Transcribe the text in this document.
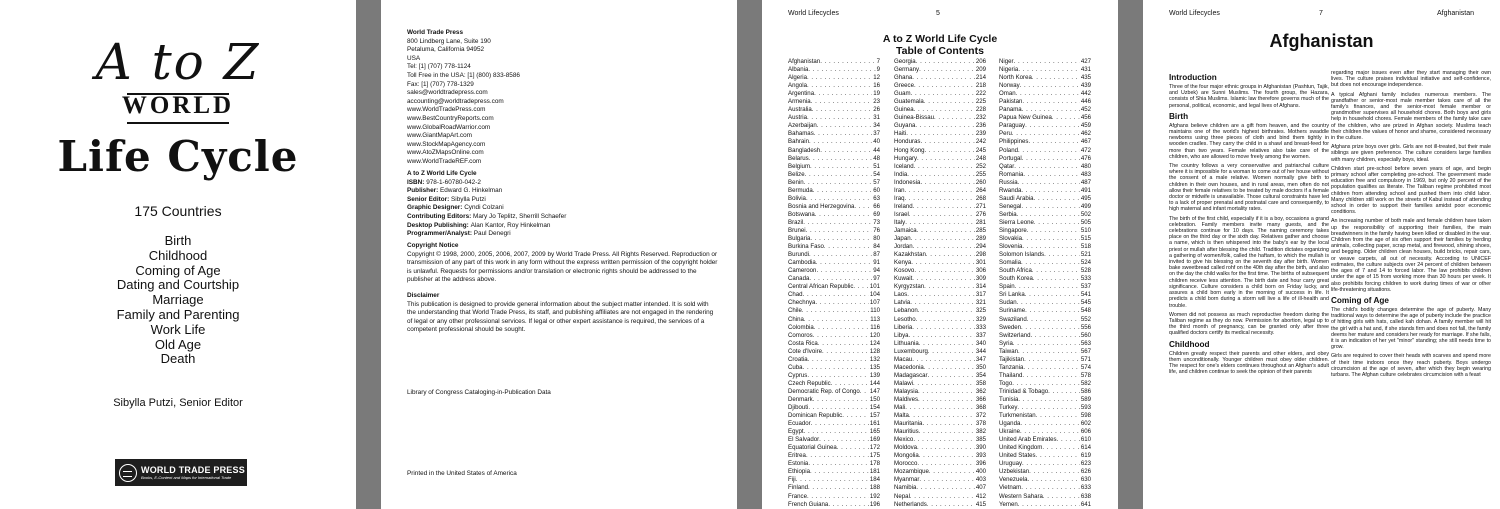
A to Z
WORLD
Life Cycle
175 Countries
Birth
Childhood
Coming of Age
Dating and Courtship
Marriage
Family and Parenting
Work Life
Old Age
Death
Sibylla Putzi, Senior Editor
WORLD TRADE PRESS
Books, E-Content and Maps for International Trade
World Trade Press
800 Lindberg Lane, Suite 190
Petaluma, California 94952
USA
Tel: [1] (707) 778-1124
Toll Free in the USA: [1] (800) 833-8586
Fax: [1] (707) 778-1329
sales@worldtradepress.com
accounting@worldtradepress.com
www.WorldTradePress.com
www.BestCountryReports.com
www.GlobalRoadWarrior.com
www.GiantMapArt.com
www.StockMapAgency.com
www.AtoZMapsOnline.com
www.WorldTradeREF.com
A to Z World Life Cycle
ISBN: 978-1-60780-042-2
Publisher: Edward G. Hinkelman
Senior Editor: Sibylla Putzi
Graphic Designer: Cyndi Colzani
Contributing Editors: Mary Jo Teplitz, Sherrill Schaefer
Desktop Publishing: Alan Kantor, Roy Hinkelman
Programmer/Analyst: Paul Denegri
Copyright Notice
Copyright © 1998, 2000, 2005, 2006, 2007, 2009 by World Trade Press. All Rights Reserved. Reproduction or transmission of any part of this work in any form without the express written permission of the copyright holder is unlawful. Requests for permissions and/or translation or electronic rights should be addressed to the publisher at the address above.
Disclaimer
This publication is designed to provide general information about the subject matter intended. It is sold with the understanding that World Trade Press, its staff, and publishing affiliates are not engaged in the rendering of legal or any other professional services. If legal or other expert assistance is required, the services of a competent professional should be sought.
Library of Congress Cataloging-in-Publication Data
Printed in the United States of America
World Lifecycles	5
A to Z World Life Cycle
Table of Contents
Afghanistan . . .	7
Albania . . .	9
Algeria . . .	12
Angola . . .	16
Argentina . . .	19
Armenia . . .	23
Australia . . .	26
Austria . . .	31
Azerbaijan . . .	34
Bahamas . . .	37
Bahrain . . .	40
Bangladesh . . .	44
Belarus . . .	48
Belgium . . .	51
Belize . . .	54
Benin . . .	57
Bermuda . . .	60
Bolivia . . .	63
Bosnia and Herzegovina . . .	66
Botswana . . .	69
Brazil . . .	73
Brunei . . .	76
Bulgaria . . .	80
Burkina Faso . . .	84
Burundi . . .	87
Cambodia . . .	91
Cameroon . . .	94
Canada . . .	97
Central African Republic . . .	101
Chad . . .	104
Chechnya . . .	107
Chile . . .	110
China . . .	113
Colombia . . .	116
Comoros . . .	120
Costa Rica . . .	124
Cote d'Ivoire . . .	128
Croatia . . .	132
Cuba . . .	135
Cyprus . . .	139
Czech Republic . . .	144
Democratic Rep. of Congo . . . 147
Denmark . . .	150
Djibouti . . .	154
Dominican Republic . . .	157
Ecuador . . .	161
Egypt . . .	165
El Salvador . . .	169
Equatorial Guinea . . .	172
Eritrea . . .	175
Estonia . . .	178
Ethiopia . . .	181
Fiji . . .	184
Finland . . .	188
France . . .	192
French Guiana . . .	196
. . .
Georgia . . .	206
Germany . . .	209
Ghana . . .	214
Greece . . .	218
Guam . . .	222
Guatemala . . .	225
Guinea . . .	228
Guinea-Bissau . . .	232
Guyana . . .	236
Haiti . . .	239
Honduras . . .	242
Hong Kong . . .	245
Hungary . . .	248
Iceland . . .	252
India . . .	255
Indonesia . . .	260
Iran . . .	264
Iraq . . .	268
Ireland . . .	271
Israel . . .	276
Italy . . .	281
Jamaica . . .	285
Japan . . .	289
Jordan . . .	294
Kazakhstan . . .	298
Kenya . . .	301
Kosovo . . .	306
Kuwait . . .	309
Kyrgyzstan . . .	314
Laos . . .	317
Latvia . . .	321
Lebanon . . .	325
Lesotho . . .	329
Liberia . . .	333
Libya . . .	337
Lithuania . . .	340
Luxembourg . . .	344
Macau . . .	347
Macedonia . . .	350
Madagascar . . .	354
Malawi . . .	358
Malaysia . . .	362
Maldives . . .	366
Mali . . .	368
Malta . . .	372
Mauritania . . .	378
Mauritius . . .	382
Mexico . . .	385
Moldova . . .	390
Mongolia . . .	393
Morocco . . .	396
Mozambique . . .	400
Myanmar . . .	403
Namibia . . .	407
Nepal . . .	412
Netherlands . . .	415
. . .
Niger . . .	427
Nigeria . . .	431
North Korea . . .	435
Norway . . .	439
Oman . . .	442
Pakistan . . .	446
Panama . . .	452
Papua New Guinea . . .	456
Paraguay . . .	459
Peru . . .	462
Philippines . . .	467
Poland . . .	472
Portugal . . .	476
Qatar . . .	480
Romania . . .	483
Russia . . .	487
Rwanda . . .	491
Saudi Arabia . . .	495
Senegal . . .	499
Serbia . . .	502
Sierra Leone . . .	505
Singapore . . .	510
Slovakia . . .	515
Slovenia . . .	518
Solomon Islands . . .	521
Somalia . . .	524
South Africa . . .	528
South Korea . . .	533
Spain . . .	537
Sri Lanka . . .	541
Sudan . . .	545
Suriname . . .	548
Swaziland . . .	552
Sweden . . .	556
Switzerland . . .	560
Syria . . .	563
Taiwan . . .	567
Tajikistan . . .	571
Tanzania . . .	574
Thailand . . .	578
Togo . . .	582
Trinidad & Tobago . . .	586
Tunisia . . .	589
Turkey . . .	593
Turkmenistan . . .	598
Uganda . . .	602
Ukraine . . .	606
United Arab Emirates . . .	610
United Kingdom . . .	614
United States . . .	619
Uruguay . . .	623
Uzbekistan . . .	626
Venezuela . . .	630
Vietnam . . .	633
Western Sahara . . .	638
Yemen . . .	641
. . .
World Lifecycles	7	Afghanistan
Afghanistan
Introduction

Three of the four major ethnic groups in Afghanistan (Pashtun, Tajik, and Uzbek) are Sunni Muslims. The fourth group, the Hazara, consists of Shia Muslims. Islamic law therefore governs much of the personal, political, economic, and legal lives of Afghans.

Birth

Afghans believe children are a gift from heaven, and the country maintains one of the world's highest birthrates. Mothers swaddle newborns using three pieces of cloth and bind them tightly in wooden cradles. They carry the child in a shawl and breast-feed for more than two years. Female relatives also take care of the children, who are allowed to move freely among the women.

The country follows a very conservative and patriarchal culture where it is impossible for a woman to come out of her house without the consent of a male relative. Women normally give birth to children in their own houses, and in rural areas, men often do not allow their female relatives to be treated by male doctors if a female doctor or midwife is unavailable. Those cultural constraints have led to a lack of proper prenatal and postnatal care and consequently, to high maternal and infant mortality rates.

The birth of the first child, especially if it is a boy, occasions a grand celebration. Family members invite many guests, and the celebrations continue for 10 days. The naming ceremony takes place on the third day or the sixth day. Relatives gather and choose a name, which is then whispered into the baby's ear by the local priest or mullah after blessing the child. Tradition dictates organizing a gathering of women/folk, called the haftam, to which the mullah is invited to give his blessing on the seventh day after birth. Women bake sweetbread called rohf on the 40th day after the birth, and also on the day the child walks for the first time. The births of subsequent children receive less attention. The birth date and hour carry great significance. Culture considers a child born on Friday lucky, and assures a child born early in the morning of success in life. It predicts a child born during a storm will live a life of ill-health and trouble.

Women did not possess as much reproductive freedom during the Taliban regime as they do now. Permission for abortion, legal up to the third month of pregnancy, can be granted only after three qualified doctors certify its medical necessity.

Childhood

Children greatly respect their parents and other elders, and obey them unconditionally. Younger children must obey older children. The respect for one's elders continues throughout an Afghan's adult life, and children continue to seek the opinion of their parents

regarding major issues even after they start managing their own lives. The culture praises individual initiative and self-confidence, but does not encourage independence.

A typical Afghani family includes numerous members. The grandfather or senior-most male member takes care of all the family's finances, and the senior-most female member or grandmother supervises all household chores. Both boys and girls help in household chores. Female members of the family take care of the children, who are prized in Afghan society. Muslims teach their children the values of honor and shame, considered necessary in the culture.

Afghans prize boys over girls. Girls are not ill-treated, but their male siblings are given preference. The culture considers large families with many children, especially boys, ideal.

Children start pre-school before seven years of age, and begin primary school after completing pre-school. The government made education free and compulsory in 1969, but only 20 percent of the population qualifies as literate. The Taliban regime prohibited most children from attending school and pushed them into child labor. Many children still work on the streets of Kabul instead of attending school in order to support their families amidst poor economic conditions.

An increasing number of both male and female children have taken up the responsibility of supporting their families, the main breadwinners in the family having been killed or disabled in the war. Children from the age of six often support their families by herding animals, collecting paper, scrap metal, and firewood, shining shoes, and begging. Older children clean houses, build bricks, repair cars, or weave carpets, all out of necessity. According to UNICEF estimates, the culture subjects over 24 percent of children between the ages of 7 and 14 to forced labor. The law prohibits children under the age of 15 from working more than 30 hours per week. It also prohibits forcing children to work during times of war or other life-threatening situations.

Coming of Age

The child's bodily changes determine the age of puberty. Many traditional ways to determine the age of puberty include the practice of hitting girls with hats, called kah dohan. A family member will hit the girl with a hat and, if she stands firm and does not fall, the family deems her mature and considers her ready for marriage. If she falls, it is an indication of her yet "minor" standing; she still needs time to grow.

Girls are required to cover their heads with scarves and spend more of their time indoors once they reach puberty. Boys undergo circumcision at the age of seven, after which they begin wearing turbans. The Afghan culture celebrates circumcision with a feast
